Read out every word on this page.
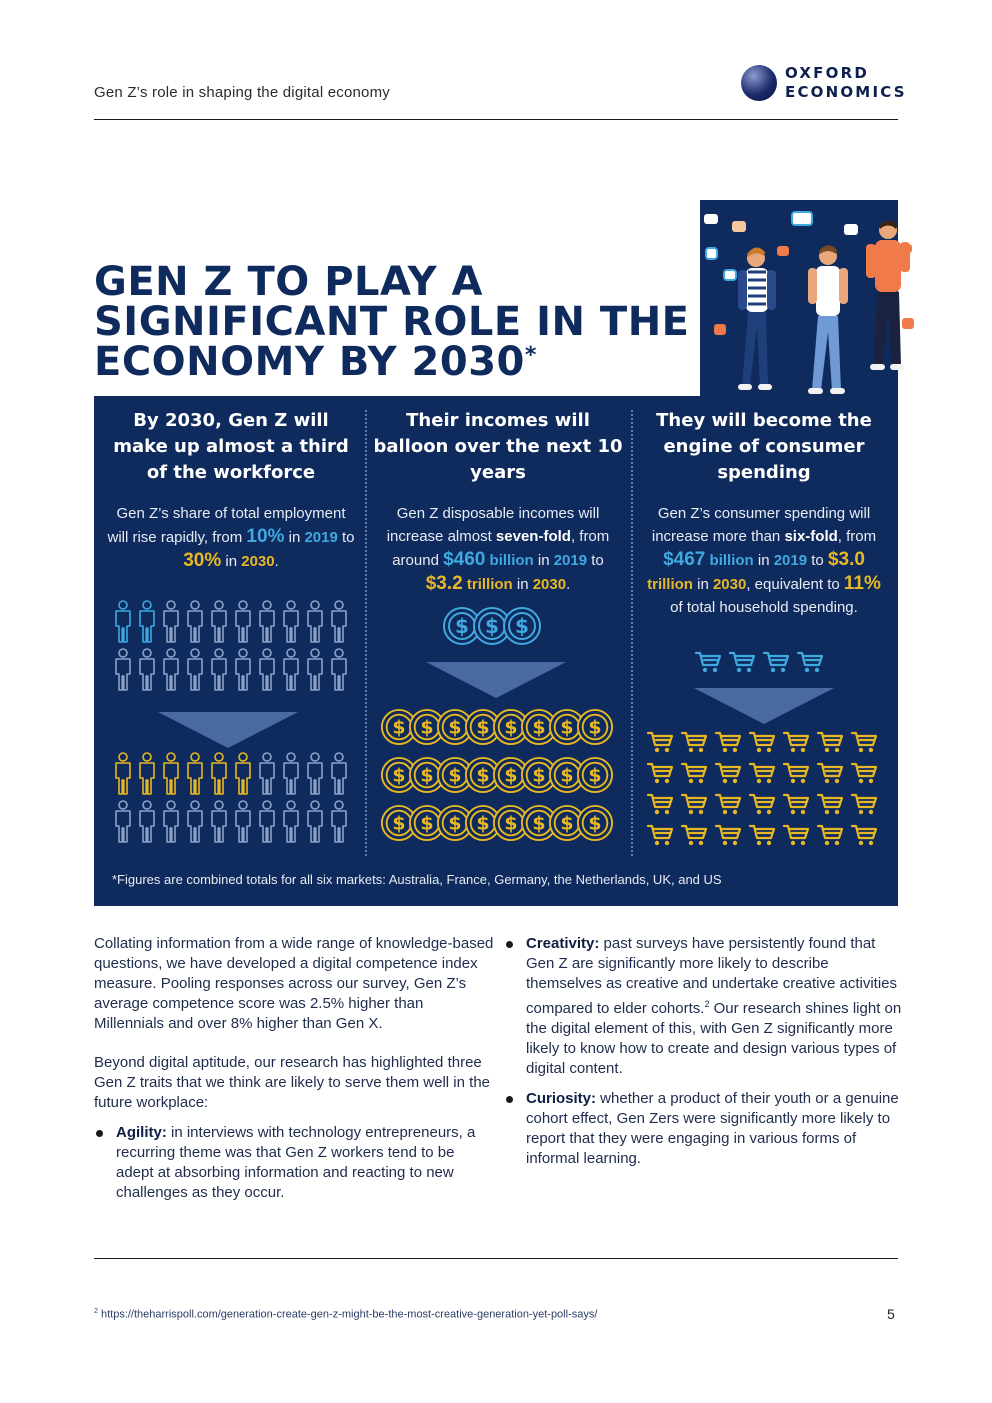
Gen Z’s role in shaping the digital economy
OXFORD
ECONOMICS
GEN Z TO PLAY A SIGNIFICANT ROLE IN THE ECONOMY BY 2030*
By 2030, Gen Z will make up almost a third of the workforce

Gen Z’s share of total employment will rise rapidly, from 10% in 2019 to 30% in 2030.

Their incomes will balloon over the next 10 years

Gen Z disposable incomes will increase almost seven-fold, from around $460 billion in 2019 to $3.2 trillion in 2030.

$ $ $
$ $ $ $ $ $ $ $
$ $ $ $ $ $ $ $
$ $ $ $ $ $ $ $
They will become the engine of consumer spending

Gen Z’s consumer spending will increase more than six-fold, from $467 billion in 2019 to $3.0 trillion in 2030, equivalent to 11% of total household spending.

*Figures are combined totals for all six markets: Australia, France, Germany, the Netherlands, UK, and US

Collating information from a wide range of knowledge-based questions, we have developed a digital competence index measure. Pooling responses across our survey, Gen Z’s average competence score was 2.5% higher than Millennials and over 8% higher than Gen X.

Beyond digital aptitude, our research has highlighted three Gen Z traits that we think are likely to serve them well in the future workplace:

Agility: in interviews with technology entrepreneurs, a recurring theme was that Gen Z workers tend to be adept at absorbing information and reacting to new challenges as they occur.
Creativity: past surveys have persistently found that Gen Z are significantly more likely to describe themselves as creative and undertake creative activities compared to elder cohorts.$^2$ Our research shines light on the digital element of this, with Gen Z significantly more likely to know how to create and design various types of digital content.
Curiosity: whether a product of their youth or a genuine cohort effect, Gen Zers were significantly more likely to report that they were engaging in various forms of informal learning.
$^2$ https://theharrispoll.com/generation-create-gen-z-might-be-the-most-creative-generation-yet-poll-says/	5
